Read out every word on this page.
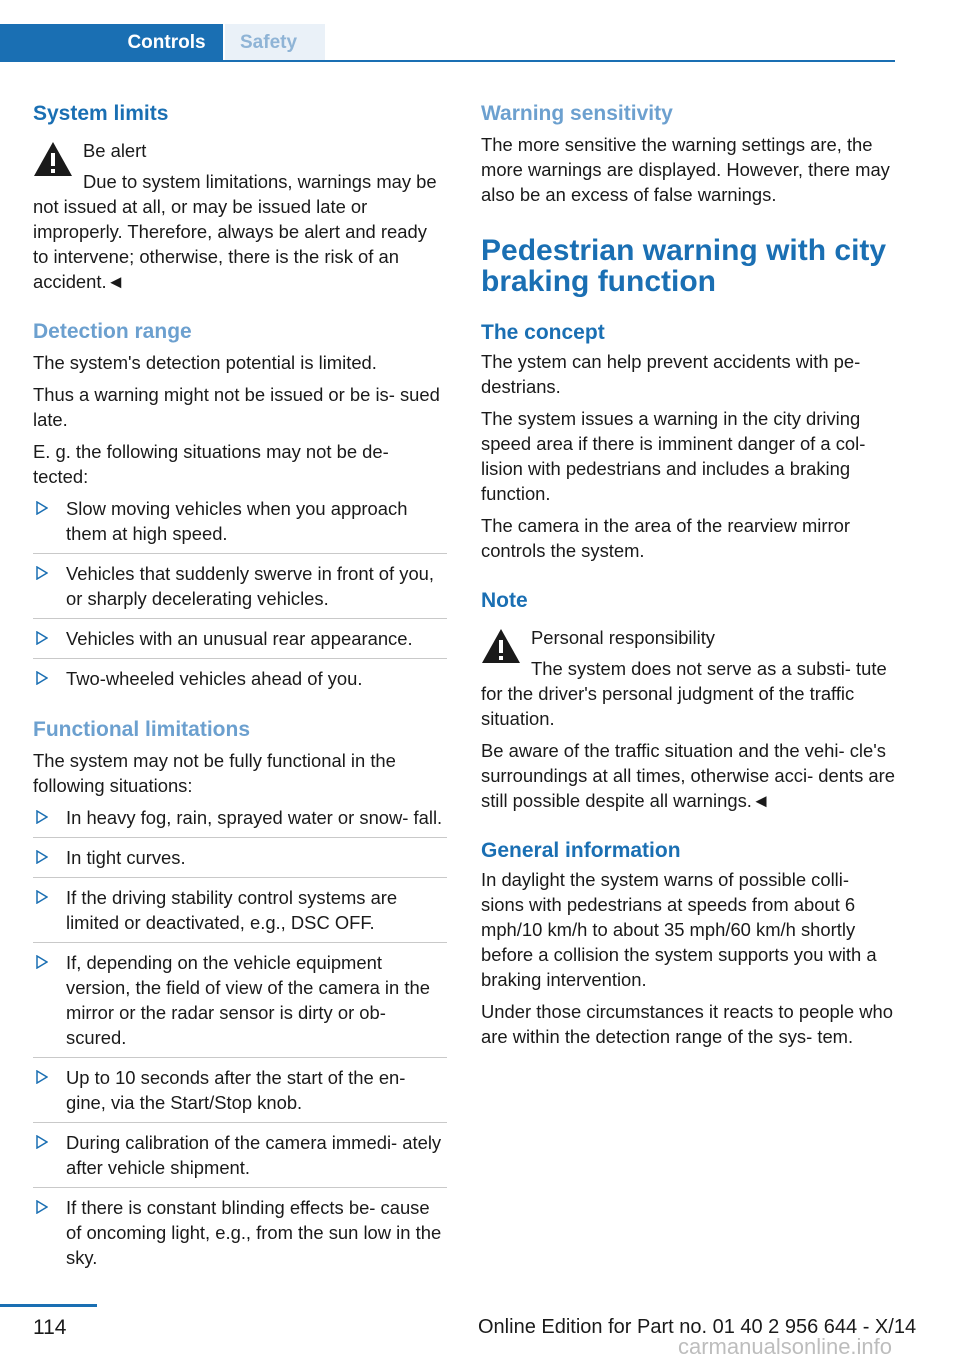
Controls	Safety
System limits

Be alert

Due to system limitations, warnings may be not issued at all, or may be issued late or improperly. Therefore, always be alert and ready to intervene; otherwise, there is the risk of an accident.◄

Detection range

The system's detection potential is limited.

Thus a warning might not be issued or be is‐ sued late.

E. g. the following situations may not be de‐ tected:

Slow moving vehicles when you approach them at high speed.
Vehicles that suddenly swerve in front of you, or sharply decelerating vehicles.
Vehicles with an unusual rear appearance.
Two-wheeled vehicles ahead of you.
Functional limitations

The system may not be fully functional in the following situations:

In heavy fog, rain, sprayed water or snow‐ fall.
In tight curves.
If the driving stability control systems are limited or deactivated, e.g., DSC OFF.
If, depending on the vehicle equipment version, the field of view of the camera in the mirror or the radar sensor is dirty or ob‐ scured.
Up to 10 seconds after the start of the en‐ gine, via the Start/Stop knob.
During calibration of the camera immedi‐ ately after vehicle shipment.
If there is constant blinding effects be‐ cause of oncoming light, e.g., from the sun low in the sky.
Warning sensitivity

The more sensitive the warning settings are, the more warnings are displayed. However, there may also be an excess of false warnings.

Pedestrian warning with city braking function
The concept

The ystem can help prevent accidents with pe‐ destrians.

The system issues a warning in the city driving speed area if there is imminent danger of a col‐ lision with pedestrians and includes a braking function.

The camera in the area of the rearview mirror controls the system.

Note

Personal responsibility

The system does not serve as a substi‐ tute for the driver's personal judgment of the traffic situation.

Be aware of the traffic situation and the vehi‐ cle's surroundings at all times, otherwise acci‐ dents are still possible despite all warnings.◄

General information

In daylight the system warns of possible colli‐ sions with pedestrians at speeds from about 6 mph/10 km/h to about 35 mph/60 km/h shortly before a collision the system supports you with a braking intervention.

Under those circumstances it reacts to people who are within the detection range of the sys‐ tem.

114	Online Edition for Part no. 01 40 2 956 644 - X/14
carmanualsonline.info
